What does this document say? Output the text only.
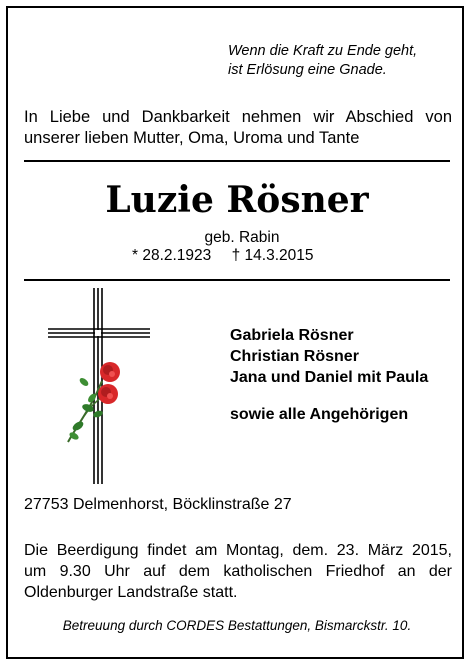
Wenn die Kraft zu Ende geht,
ist Erlösung eine Gnade.
In Liebe und Dankbarkeit nehmen wir Abschied von
unserer lieben Mutter, Oma, Uroma und Tante
Luzie Rösner
geb. Rabin
* 28.2.1923 † 14.3.2015
Gabriela Rösner
Christian Rösner
Jana und Daniel mit Paula
sowie alle Angehörigen
27753 Delmenhorst, Böcklinstraße 27
Die Beerdigung findet am Montag, dem. 23. März 2015,
um 9.30 Uhr auf dem katholischen Friedhof an der
Oldenburger Landstraße statt.
Betreuung durch CORDES Bestattungen, Bismarckstr. 10.
